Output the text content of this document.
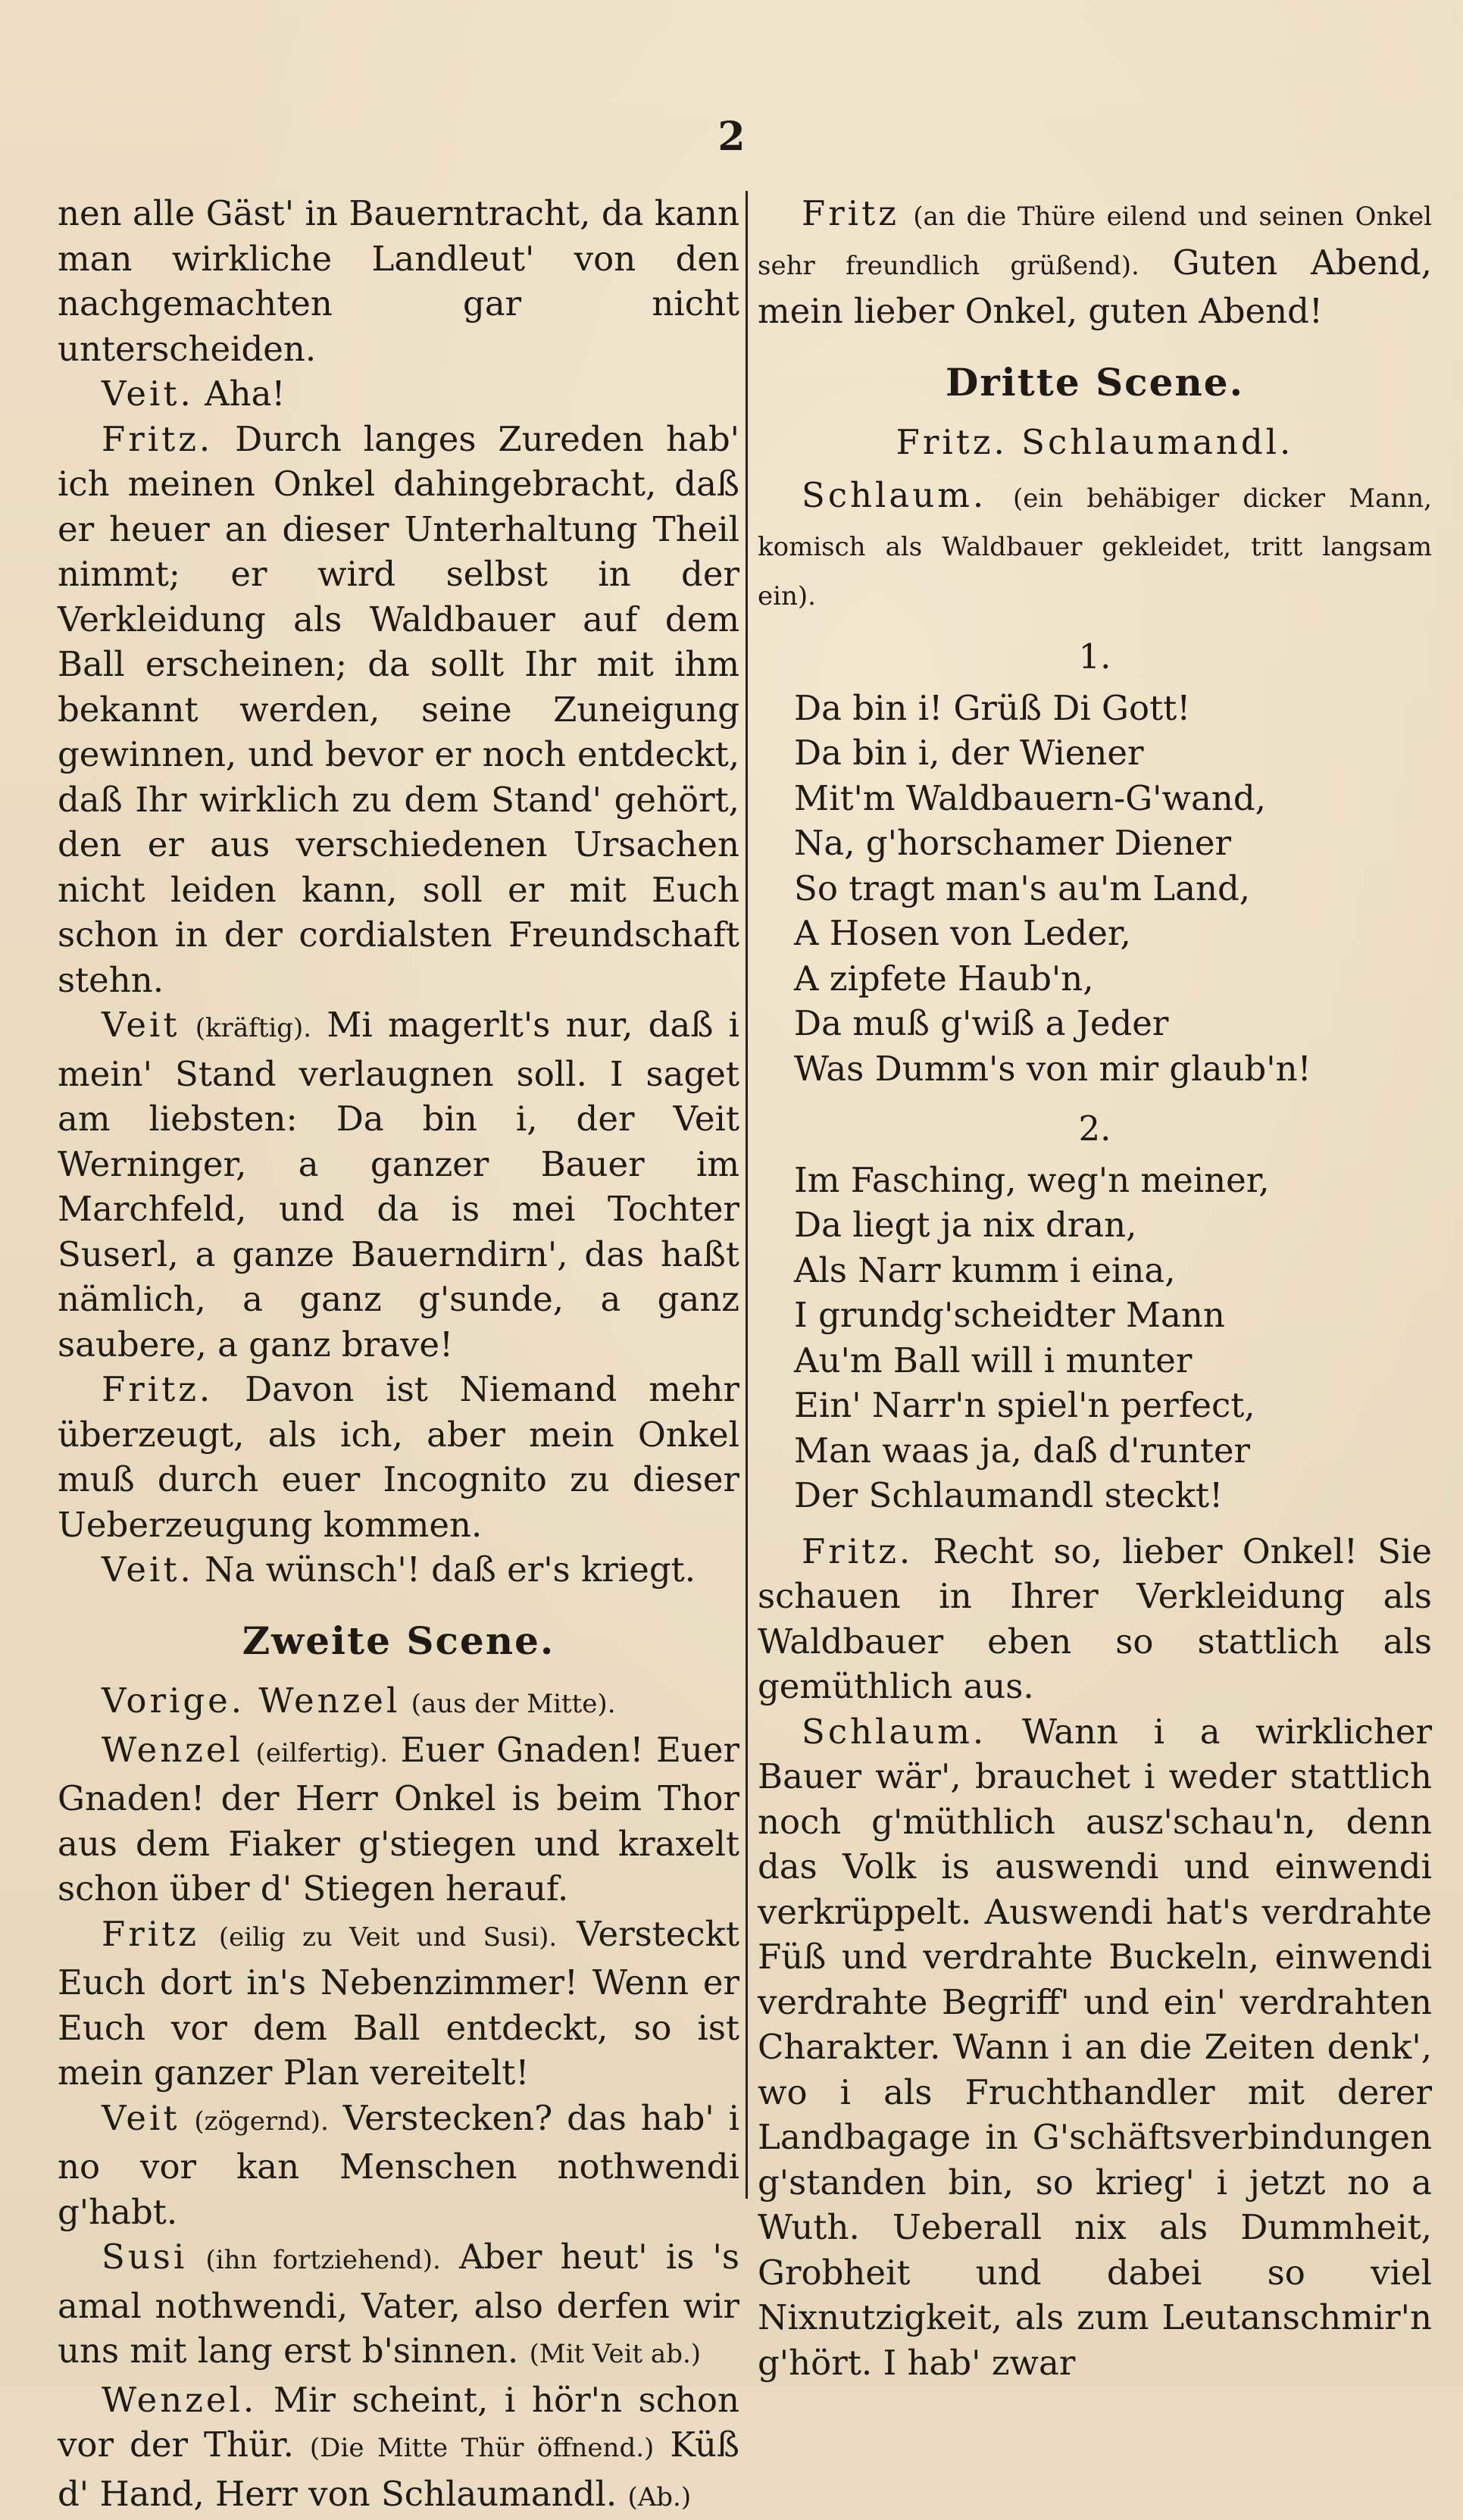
2

nen alle Gäst' in Bauerntracht, da kann man wirkliche Landleut' von den nachgemachten gar nicht unterscheiden.

Veit. Aha!

Fritz. Durch langes Zureden hab' ich meinen Onkel dahingebracht, daß er heuer an dieser Unterhaltung Theil nimmt; er wird selbst in der Verkleidung als Waldbauer auf dem Ball erscheinen; da sollt Ihr mit ihm bekannt werden, seine Zuneigung gewinnen, und bevor er noch entdeckt, daß Ihr wirklich zu dem Stand' gehört, den er aus verschiedenen Ursachen nicht leiden kann, soll er mit Euch schon in der cordialsten Freundschaft stehn.

Veit (kräftig). Mi magerlt's nur, daß i mein' Stand verlaugnen soll. I saget am liebsten: Da bin i, der Veit Werninger, a ganzer Bauer im Marchfeld, und da is mei Tochter Suserl, a ganze Bauerndirn', das haßt nämlich, a ganz g'sunde, a ganz saubere, a ganz brave!

Fritz. Davon ist Niemand mehr überzeugt, als ich, aber mein Onkel muß durch euer Incognito zu dieser Ueberzeugung kommen.

Veit. Na wünsch'! daß er's kriegt.

Zweite Scene.

Vorige. Wenzel (aus der Mitte).

Wenzel (eilfertig). Euer Gnaden! Euer Gnaden! der Herr Onkel is beim Thor aus dem Fiaker g'stiegen und kraxelt schon über d' Stiegen herauf.

Fritz (eilig zu Veit und Susi). Versteckt Euch dort in's Nebenzimmer! Wenn er Euch vor dem Ball entdeckt, so ist mein ganzer Plan vereitelt!

Veit (zögernd). Verstecken? das hab' i no vor kan Menschen nothwendi g'habt.

Susi (ihn fortziehend). Aber heut' is 's amal nothwendi, Vater, also derfen wir uns mit lang erst b'sinnen. (Mit Veit ab.)

Wenzel. Mir scheint, i hör'n schon vor der Thür. (Die Mitte Thür öffnend.) Küß d' Hand, Herr von Schlaumandl. (Ab.)

Fritz (an die Thüre eilend und seinen Onkel sehr freundlich grüßend). Guten Abend, mein lieber Onkel, guten Abend!

Dritte Scene.
Fritz. Schlaumandl.

Schlaum. (ein behäbiger dicker Mann, komisch als Waldbauer gekleidet, tritt langsam ein).

1.
Da bin i! Grüß Di Gott!
Da bin i, der Wiener
Mit'm Waldbauern-G'wand,
Na, g'horschamer Diener
So tragt man's au'm Land,
A Hosen von Leder,
A zipfete Haub'n,
Da muß g'wiß a Jeder
Was Dumm's von mir glaub'n!
2.
Im Fasching, weg'n meiner,
Da liegt ja nix dran,
Als Narr kumm i eina,
I grundg'scheidter Mann
Au'm Ball will i munter
Ein' Narr'n spiel'n perfect,
Man waas ja, daß d'runter
Der Schlaumandl steckt!

Fritz. Recht so, lieber Onkel! Sie schauen in Ihrer Verkleidung als Waldbauer eben so stattlich als gemüthlich aus.

Schlaum. Wann i a wirklicher Bauer wär', brauchet i weder stattlich noch g'müthlich ausz'schau'n, denn das Volk is auswendi und einwendi verkrüppelt. Auswendi hat's verdrahte Füß und verdrahte Buckeln, einwendi verdrahte Begriff' und ein' verdrahten Charakter. Wann i an die Zeiten denk', wo i als Fruchthandler mit derer Landbagage in G'schäftsverbindungen g'standen bin, so krieg' i jetzt no a Wuth. Ueberall nix als Dummheit, Grobheit und dabei so viel Nixnutzigkeit, als zum Leutanschmir'n g'hört. I hab' zwar
